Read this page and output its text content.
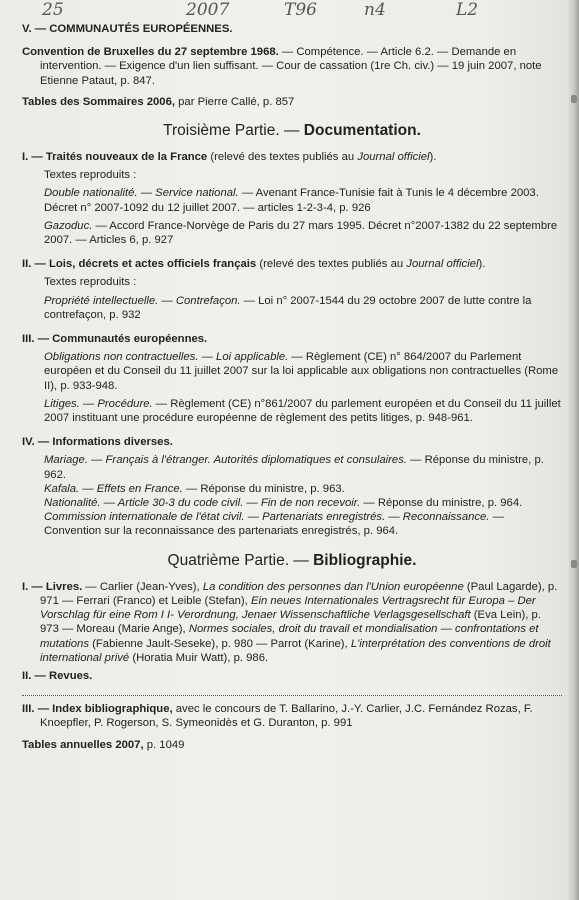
25	2007	T96	n4	L2

V. — COMMUNAUTÉS EUROPÉENNES.

Convention de Bruxelles du 27 septembre 1968. — Compétence. — Article 6.2. — Demande en intervention. — Exigence d'un lien suffisant. — Cour de cassation (1re Ch. civ.) — 19 juin 2007, note Etienne Pataut, p. 847.

Tables des Sommaires 2006, par Pierre Callé, p. 857

Troisième Partie. — Documentation.

I. — Traités nouveaux de la France (relevé des textes publiés au Journal officiel).

Textes reproduits :

Double nationalité. — Service national. — Avenant France-Tunisie fait à Tunis le 4 décembre 2003. Décret n° 2007-1092 du 12 juillet 2007. — articles 1-2-3-4, p. 926

Gazoduc. — Accord France-Norvège de Paris du 27 mars 1995. Décret n°2007-1382 du 22 septembre 2007. — Articles 6, p. 927

II. — Lois, décrets et actes officiels français (relevé des textes publiés au Journal officiel).

Textes reproduits :

Propriété intellectuelle. — Contrefaçon. — Loi n° 2007-1544 du 29 octobre 2007 de lutte contre la contrefaçon, p. 932

III. — Communautés européennes.

Obligations non contractuelles. — Loi applicable. — Règlement (CE) n° 864/2007 du Parlement européen et du Conseil du 11 juillet 2007 sur la loi applicable aux obligations non contractuelles (Rome II), p. 933-948.

Litiges. — Procédure. — Règlement (CE) n°861/2007 du parlement européen et du Conseil du 11 juillet 2007 instituant une procédure européenne de règlement des petits litiges, p. 948-961.

IV. — Informations diverses.

Mariage. — Français à l'étranger. Autorités diplomatiques et consulaires. — Réponse du ministre, p. 962.

Kafala. — Effets en France. — Réponse du ministre, p. 963.

Nationalité. — Article 30-3 du code civil. — Fin de non recevoir. — Réponse du ministre, p. 964.

Commission internationale de l'état civil. — Partenariats enregistrés. — Reconnaissance. — Convention sur la reconnaissance des partenariats enregistrés, p. 964.

Quatrième Partie. — Bibliographie.

I. — Livres. — Carlier (Jean-Yves), La condition des personnes dan l'Union européenne (Paul Lagarde), p. 971 — Ferrari (Franco) et Leible (Stefan), Ein neues Internationales Vertragsrecht für Europa – Der Vorschlag für eine Rom I I- Verordnung, Jenaer Wissenschaftliche Verlagsgesellschaft (Eva Lein), p. 973 — Moreau (Marie Ange), Normes sociales, droit du travail et mondialisation — confrontations et mutations (Fabienne Jault-Seseke), p. 980 — Parrot (Karine), L'interprétation des conventions de droit international privé (Horatia Muir Watt), p. 986.

II. — Revues.

III. — Index bibliographique, avec le concours de T. Ballarino, J.-Y. Carlier, J.C. Fernández Rozas, F. Knoepfler, P. Rogerson, S. Symeonidès et G. Duranton, p. 991

Tables annuelles 2007, p. 1049
